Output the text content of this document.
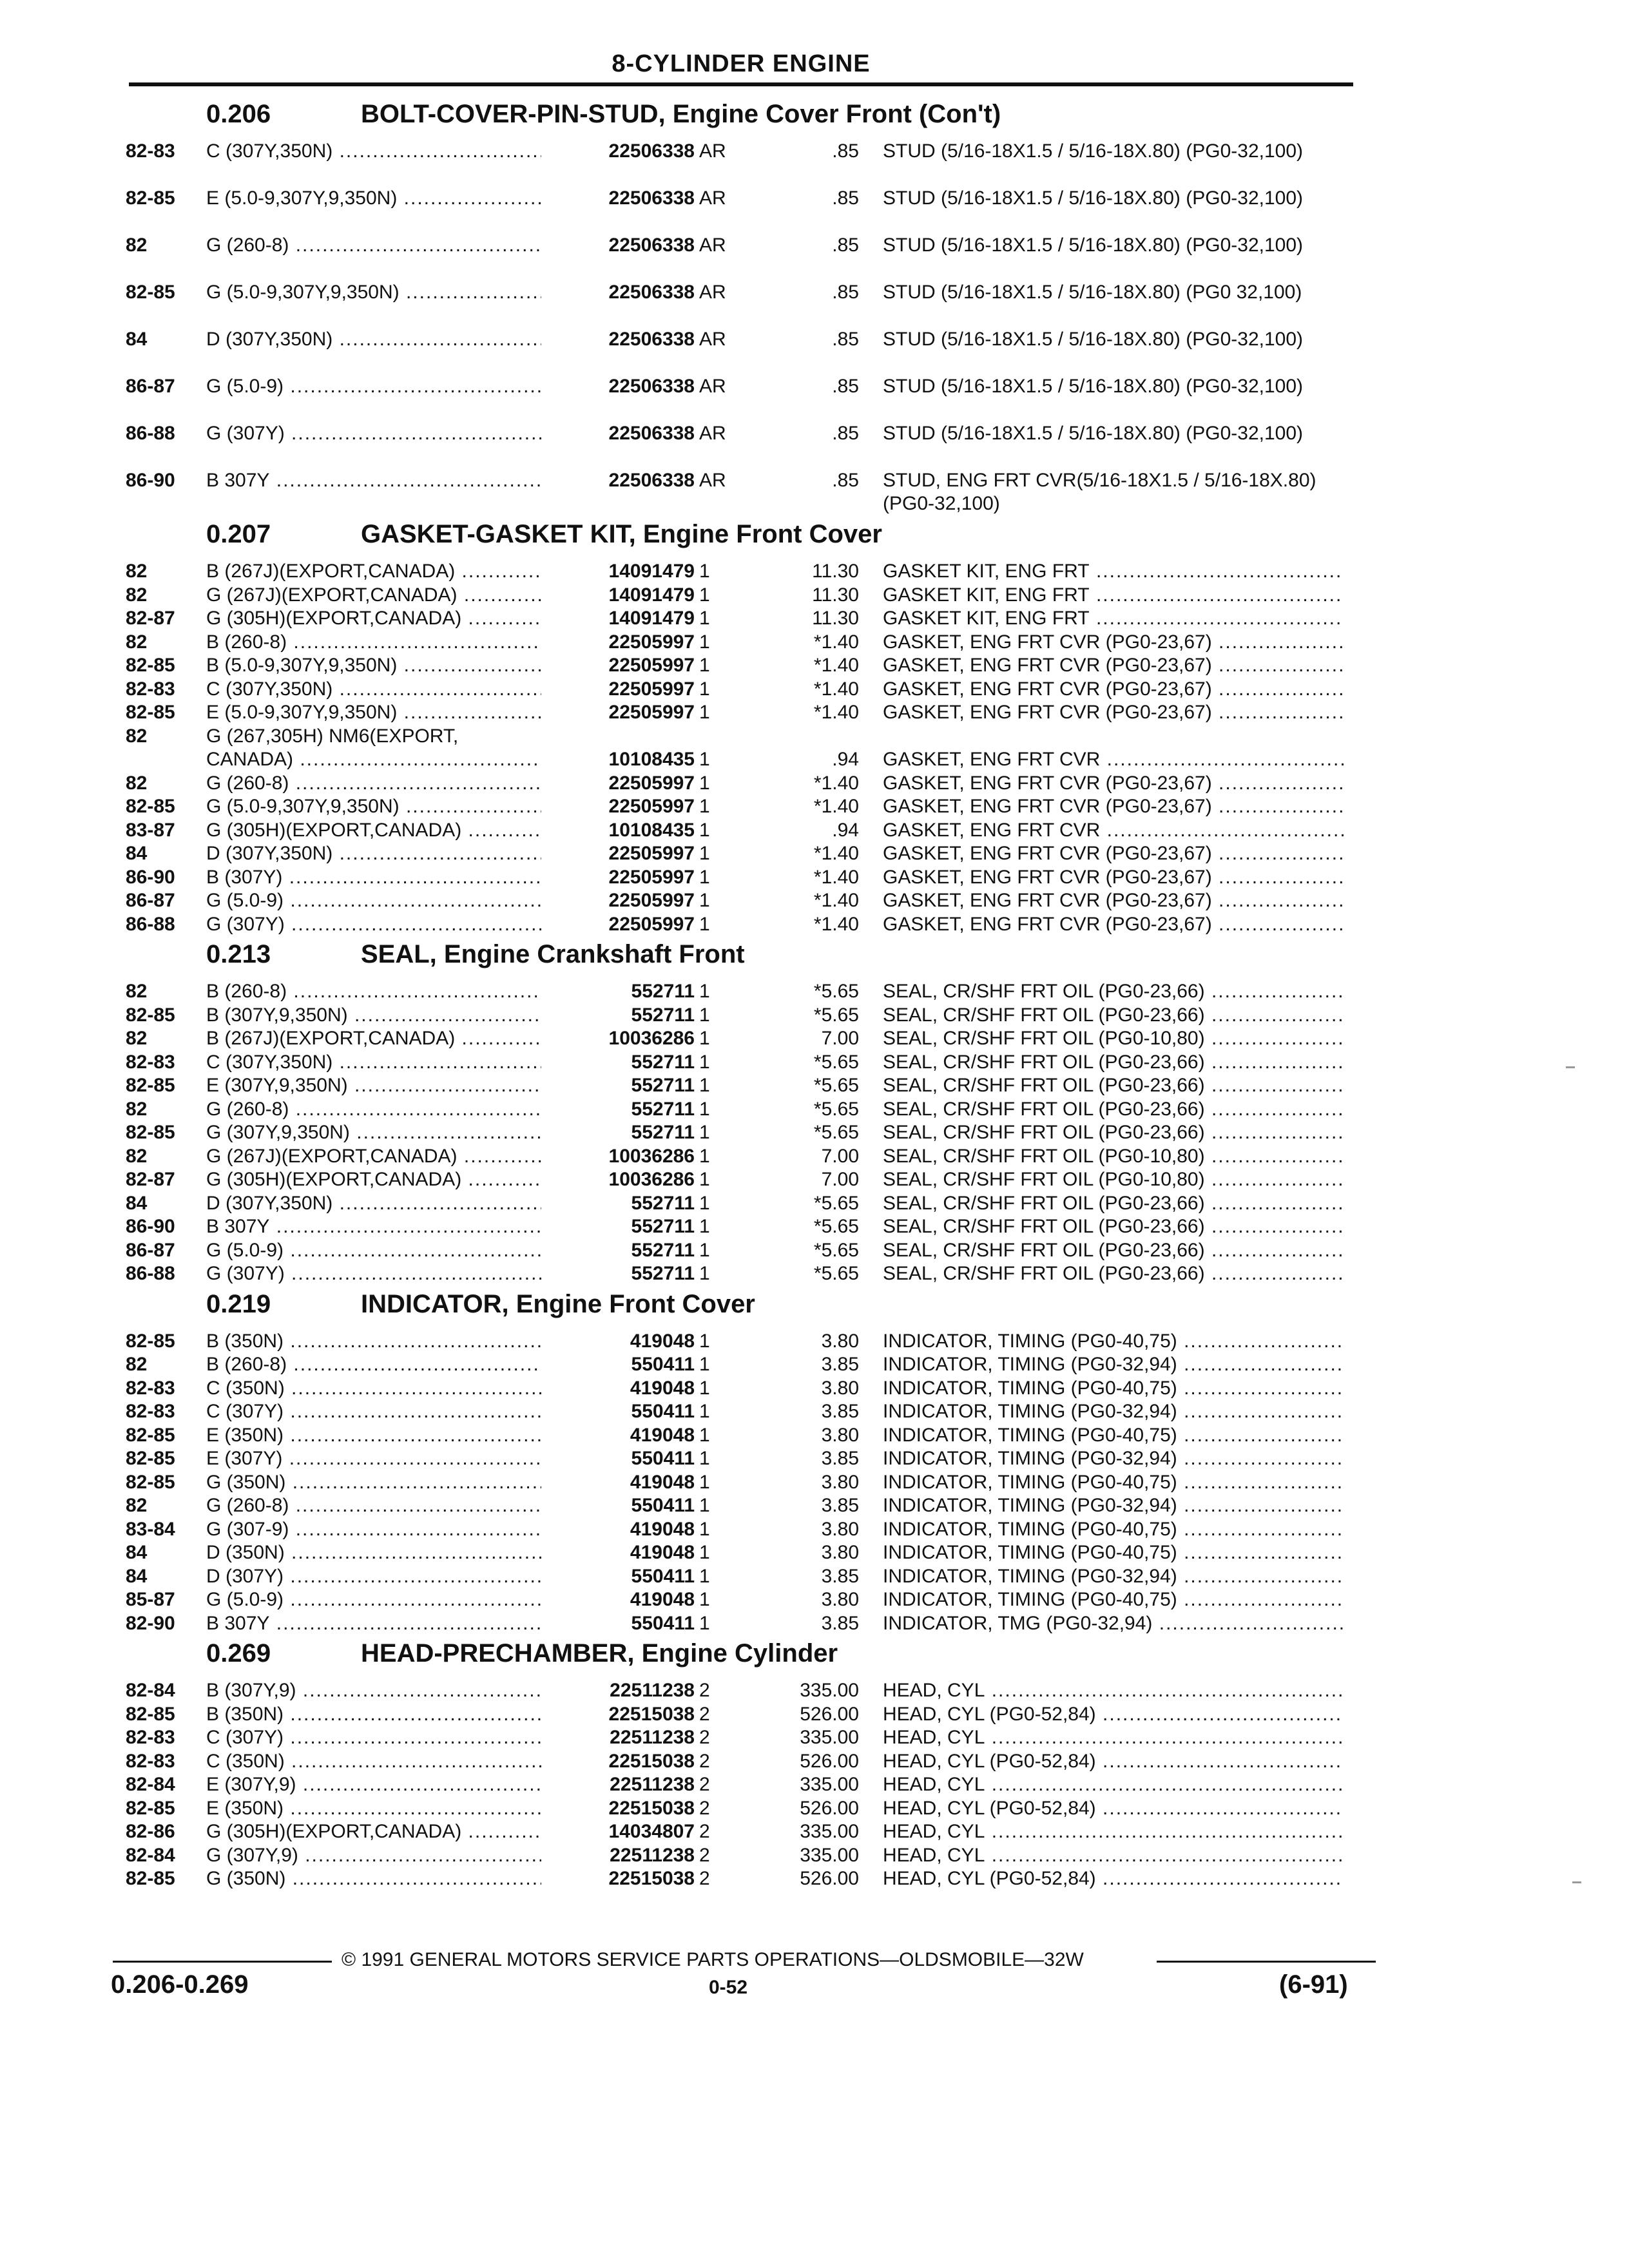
8-CYLINDER ENGINE
0.206	BOLT-COVER-PIN-STUD, Engine Cover Front (Con't)
82-83 C (307Y,350N) .....	22506338 AR	.85 STUD (5/16-18X1.5 / 5/16-18X.80) (PG0-32,100)
82-85 E (5.0-9,307Y,9,350N) .....	22506338 AR	.85 STUD (5/16-18X1.5 / 5/16-18X.80) (PG0-32,100)
82	G (260-8) .....	22506338 AR	.85 STUD (5/16-18X1.5 / 5/16-18X.80) (PG0-32,100)
82-85 G (5.0-9,307Y,9,350N) .....	22506338 AR	.85 STUD (5/16-18X1.5 / 5/16-18X.80) (PG0 32,100)
84	D (307Y,350N) .....	22506338 AR	.85 STUD (5/16-18X1.5 / 5/16-18X.80) (PG0-32,100)
86-87 G (5.0-9) .....	22506338 AR	.85 STUD (5/16-18X1.5 / 5/16-18X.80) (PG0-32,100)
86-88 G (307Y) .....	22506338 AR	.85 STUD (5/16-18X1.5 / 5/16-18X.80) (PG0-32,100)
86-90 B 307Y .....	22506338 AR	.85 STUD, ENG FRT CVR(5/16-18X1.5 / 5/16-18X.80) (PG0-32,100)
0.207	GASKET-GASKET KIT, Engine Front Cover
82	B (267J)(EXPORT,CANADA) .....	14091479 1	11.30 GASKET KIT, ENG FRT .....
82	G (267J)(EXPORT,CANADA) .....	14091479 1	11.30 GASKET KIT, ENG FRT .....
82-87 G (305H)(EXPORT,CANADA) .....	14091479 1	11.30 GASKET KIT, ENG FRT .....
82	B (260-8) .....	22505997 1	*1.40 GASKET, ENG FRT CVR (PG0-23,67) .....
82-85 B (5.0-9,307Y,9,350N) .....	22505997 1	*1.40 GASKET, ENG FRT CVR (PG0-23,67) .....
82-83 C (307Y,350N) .....	22505997 1	*1.40 GASKET, ENG FRT CVR (PG0-23,67) .....
82-85 E (5.0-9,307Y,9,350N) .....	22505997 1	*1.40 GASKET, ENG FRT CVR (PG0-23,67) .....
82	G (267,305H) NM6(EXPORT,
CANADA) .....	10108435 1	.94 GASKET, ENG FRT CVR .....
82	G (260-8) .....	22505997 1	*1.40 GASKET, ENG FRT CVR (PG0-23,67) .....
82-85 G (5.0-9,307Y,9,350N) .....	22505997 1	*1.40 GASKET, ENG FRT CVR (PG0-23,67) .....
83-87 G (305H)(EXPORT,CANADA) .....	10108435 1	.94 GASKET, ENG FRT CVR .....
84	D (307Y,350N) .....	22505997 1	*1.40 GASKET, ENG FRT CVR (PG0-23,67) .....
86-90 B (307Y) .....	22505997 1	*1.40 GASKET, ENG FRT CVR (PG0-23,67) .....
86-87 G (5.0-9) .....	22505997 1	*1.40 GASKET, ENG FRT CVR (PG0-23,67) .....
86-88 G (307Y) .....	22505997 1	*1.40 GASKET, ENG FRT CVR (PG0-23,67) .....
0.213	SEAL, Engine Crankshaft Front
82	B (260-8) .....	552711 1	*5.65 SEAL, CR/SHF FRT OIL (PG0-23,66) .....
82-85 B (307Y,9,350N) .....	552711 1	*5.65 SEAL, CR/SHF FRT OIL (PG0-23,66) .....
82	B (267J)(EXPORT,CANADA) .....	10036286 1	7.00 SEAL, CR/SHF FRT OIL (PG0-10,80) .....
82-83 C (307Y,350N) .....	552711 1	*5.65 SEAL, CR/SHF FRT OIL (PG0-23,66) .....
82-85 E (307Y,9,350N) .....	552711 1	*5.65 SEAL, CR/SHF FRT OIL (PG0-23,66) .....
82	G (260-8) .....	552711 1	*5.65 SEAL, CR/SHF FRT OIL (PG0-23,66) .....
82-85 G (307Y,9,350N) .....	552711 1	*5.65 SEAL, CR/SHF FRT OIL (PG0-23,66) .....
82	G (267J)(EXPORT,CANADA) .....	10036286 1	7.00 SEAL, CR/SHF FRT OIL (PG0-10,80) .....
82-87 G (305H)(EXPORT,CANADA) .....	10036286 1	7.00 SEAL, CR/SHF FRT OIL (PG0-10,80) .....
84	D (307Y,350N) .....	552711 1	*5.65 SEAL, CR/SHF FRT OIL (PG0-23,66) .....
86-90 B 307Y .....	552711 1	*5.65 SEAL, CR/SHF FRT OIL (PG0-23,66) .....
86-87 G (5.0-9) .....	552711 1	*5.65 SEAL, CR/SHF FRT OIL (PG0-23,66) .....
86-88 G (307Y) .....	552711 1	*5.65 SEAL, CR/SHF FRT OIL (PG0-23,66) .....
0.219	INDICATOR, Engine Front Cover
82-85 B (350N) .....	419048 1	3.80 INDICATOR, TIMING (PG0-40,75) .....
82	B (260-8) .....	550411 1	3.85 INDICATOR, TIMING (PG0-32,94) .....
82-83 C (350N) .....	419048 1	3.80 INDICATOR, TIMING (PG0-40,75) .....
82-83 C (307Y) .....	550411 1	3.85 INDICATOR, TIMING (PG0-32,94) .....
82-85 E (350N) .....	419048 1	3.80 INDICATOR, TIMING (PG0-40,75) .....
82-85 E (307Y) .....	550411 1	3.85 INDICATOR, TIMING (PG0-32,94) .....
82-85 G (350N) .....	419048 1	3.80 INDICATOR, TIMING (PG0-40,75) .....
82	G (260-8) .....	550411 1	3.85 INDICATOR, TIMING (PG0-32,94) .....
83-84 G (307-9) .....	419048 1	3.80 INDICATOR, TIMING (PG0-40,75) .....
84	D (350N) .....	419048 1	3.80 INDICATOR, TIMING (PG0-40,75) .....
84	D (307Y) .....	550411 1	3.85 INDICATOR, TIMING (PG0-32,94) .....
85-87 G (5.0-9) .....	419048 1	3.80 INDICATOR, TIMING (PG0-40,75) .....
82-90 B 307Y .....	550411 1	3.85 INDICATOR, TMG (PG0-32,94) .....
0.269	HEAD-PRECHAMBER, Engine Cylinder
82-84 B (307Y,9) .....	22511238 2	335.00 HEAD, CYL .....
82-85 B (350N) .....	22515038 2	526.00 HEAD, CYL (PG0-52,84) .....
82-83 C (307Y) .....	22511238 2	335.00 HEAD, CYL .....
82-83 C (350N) .....	22515038 2	526.00 HEAD, CYL (PG0-52,84) .....
82-84 E (307Y,9) .....	22511238 2	335.00 HEAD, CYL .....
82-85 E (350N) .....	22515038 2	526.00 HEAD, CYL (PG0-52,84) .....
82-86 G (305H)(EXPORT,CANADA) .....	14034807 2	335.00 HEAD, CYL .....
82-84 G (307Y,9) .....	22511238 2	335.00 HEAD, CYL .....
82-85 G (350N) .....	22515038 2	526.00 HEAD, CYL (PG0-52,84) .....
© 1991 GENERAL MOTORS SERVICE PARTS OPERATIONS—OLDSMOBILE—32W
0.206-0.269	0-52	(6-91)
